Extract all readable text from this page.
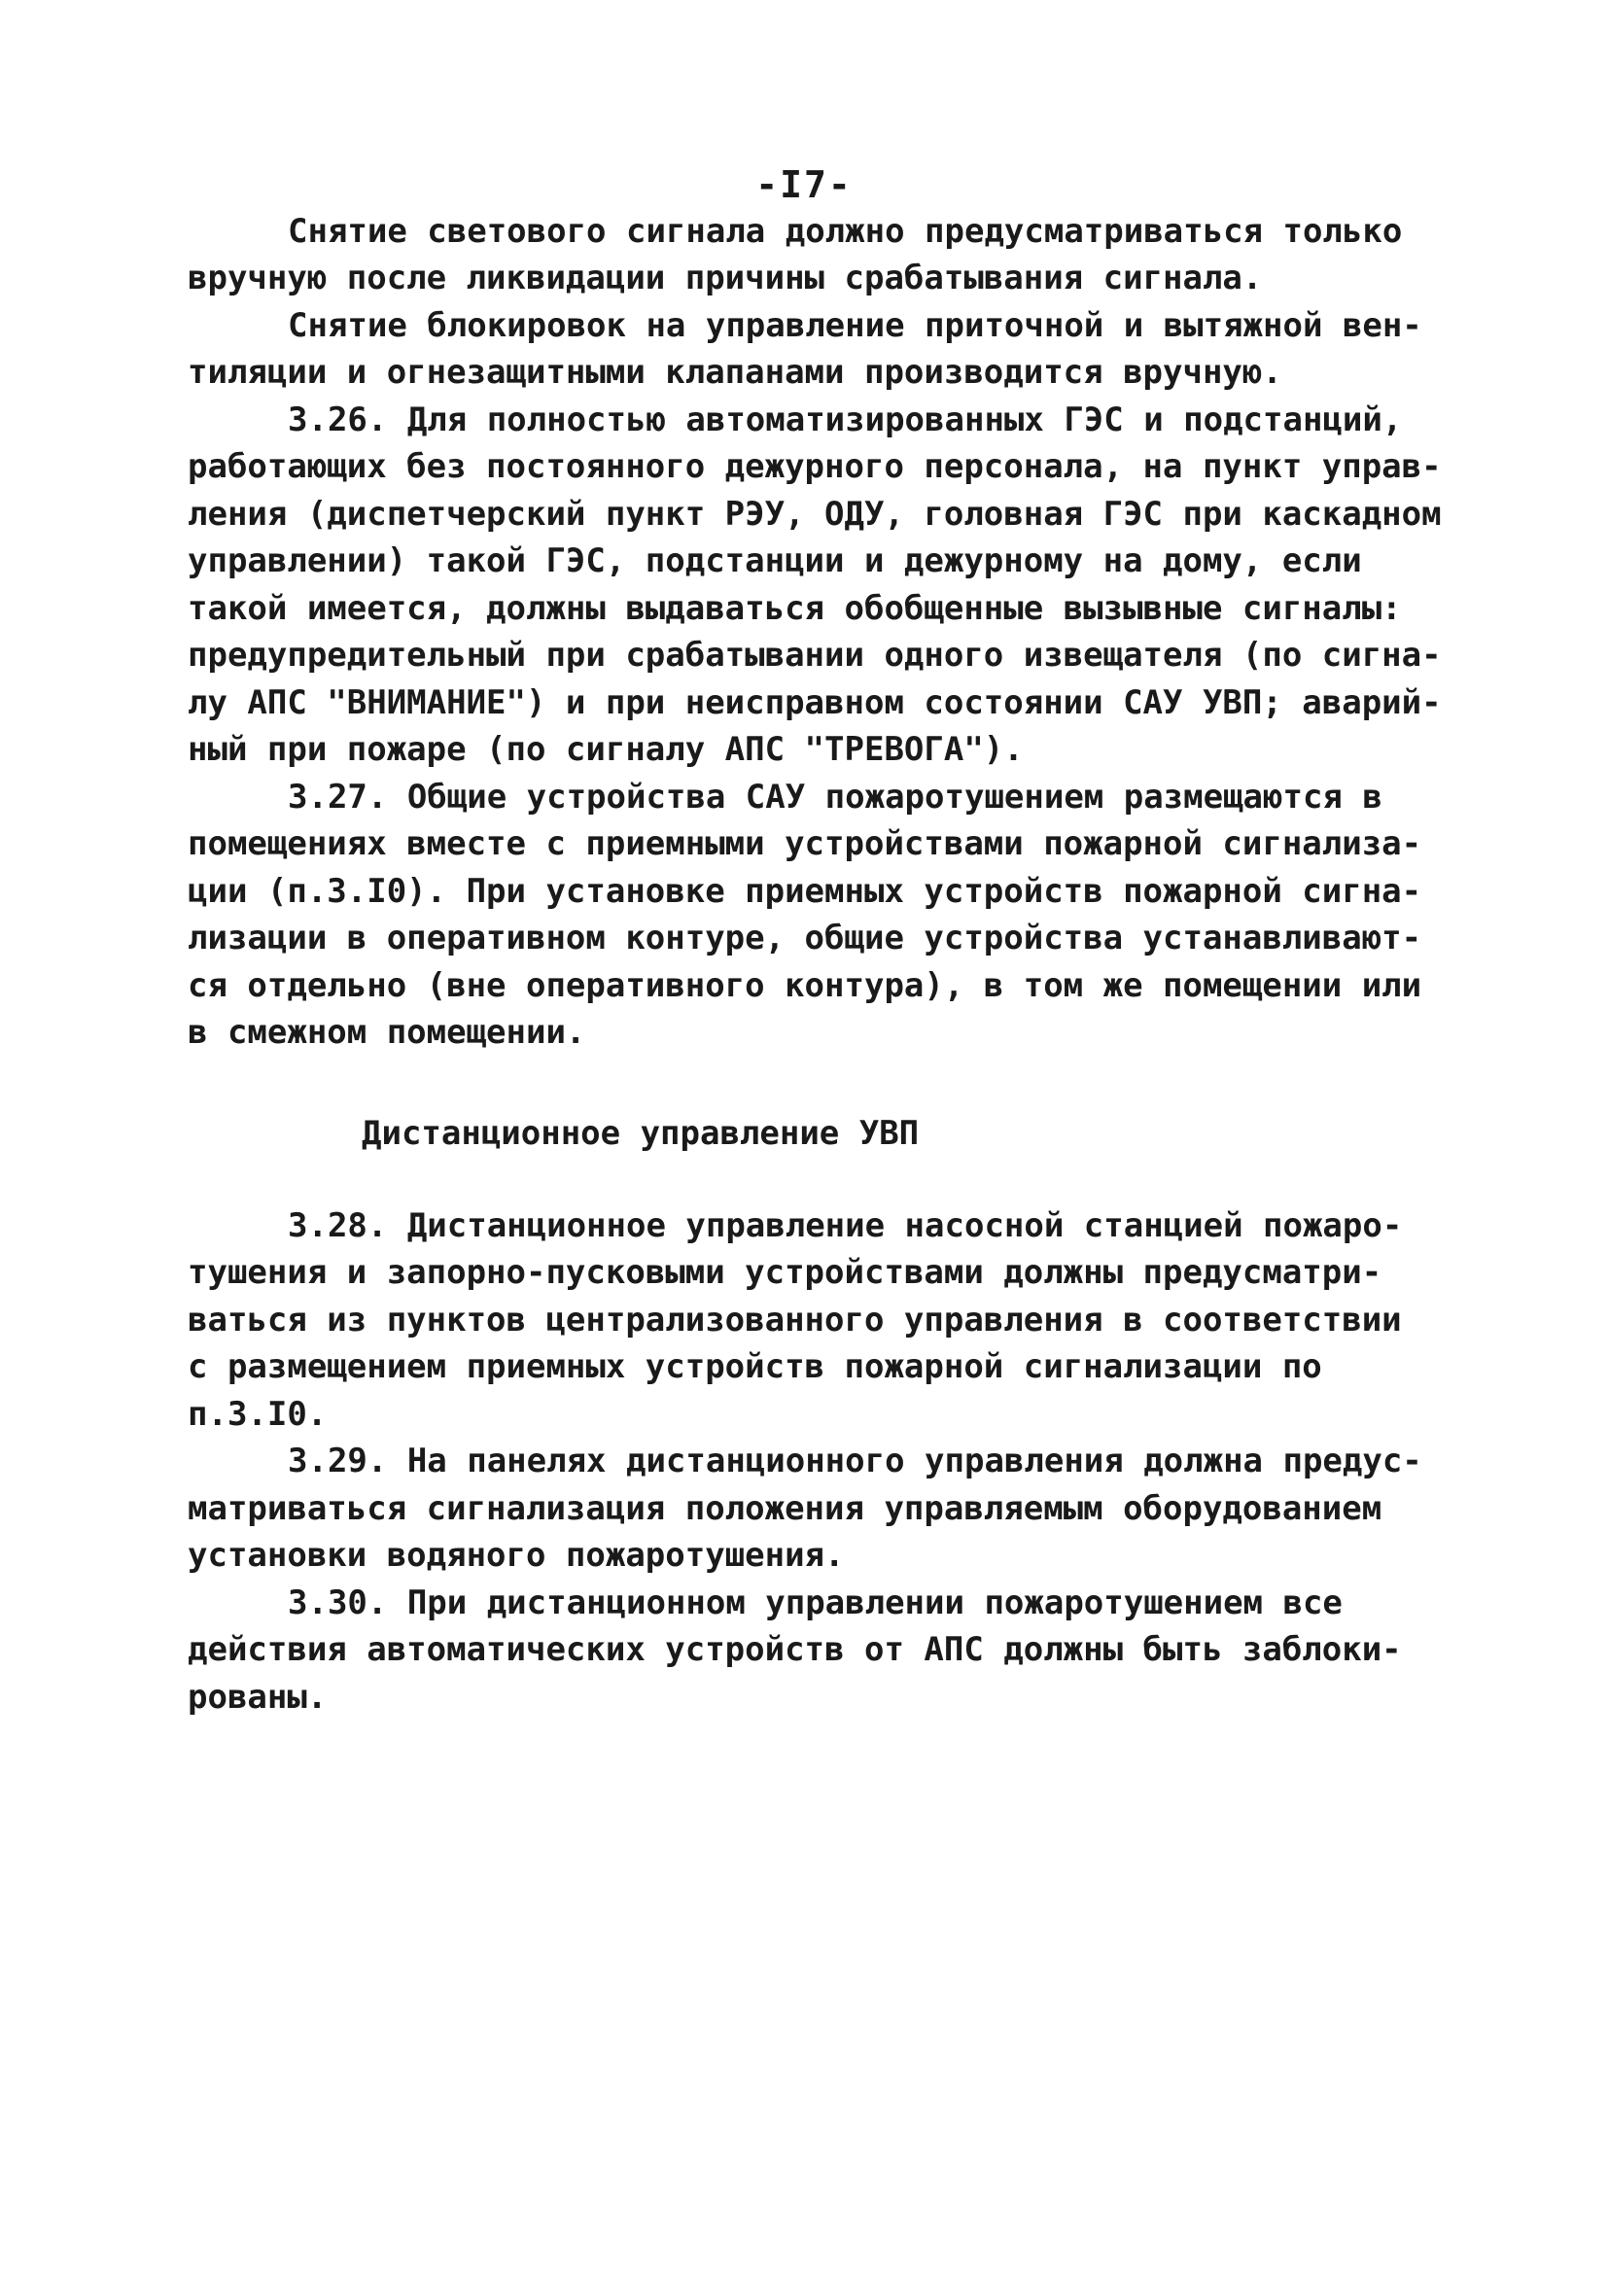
-I7-
Снятие светового сигнала должно предусматриваться только
вручную после ликвидации причины срабатывания сигнала.
Снятие блокировок на управление приточной и вытяжной вен-
тиляции и огнезащитными клапанами производится вручную.
3.26. Для полностью автоматизированных ГЭС и подстанций,
работающих без постоянного дежурного персонала, на пункт управ-
ления (диспетчерский пункт РЭУ, ОДУ, головная ГЭС при каскадном
управлении) такой ГЭС, подстанции и дежурному на дому, если
такой имеется, должны выдаваться обобщенные вызывные сигналы:
предупредительный при срабатывании одного извещателя (по сигна-
лу АПС "ВНИМАНИЕ") и при неисправном состоянии САУ УВП; аварий-
ный при пожаре (по сигналу АПС "ТРЕВОГА").
3.27. Общие устройства САУ пожаротушением размещаются в
помещениях вместе с приемными устройствами пожарной сигнализа-
ции (п.3.I0). При установке приемных устройств пожарной сигна-
лизации в оперативном контуре, общие устройства устанавливают-
ся отдельно (вне оперативного контура), в том же помещении или
в смежном помещении.
Дистанционное управление УВП
3.28. Дистанционное управление насосной станцией пожаро-
тушения и запорно-пусковыми устройствами должны предусматри-
ваться из пунктов централизованного управления в соответствии
с размещением приемных устройств пожарной сигнализации по
п.3.I0.
3.29. На панелях дистанционного управления должна предус-
матриваться сигнализация положения управляемым оборудованием
установки водяного пожаротушения.
3.30. При дистанционном управлении пожаротушением все
действия автоматических устройств от АПС должны быть заблоки-
рованы.
